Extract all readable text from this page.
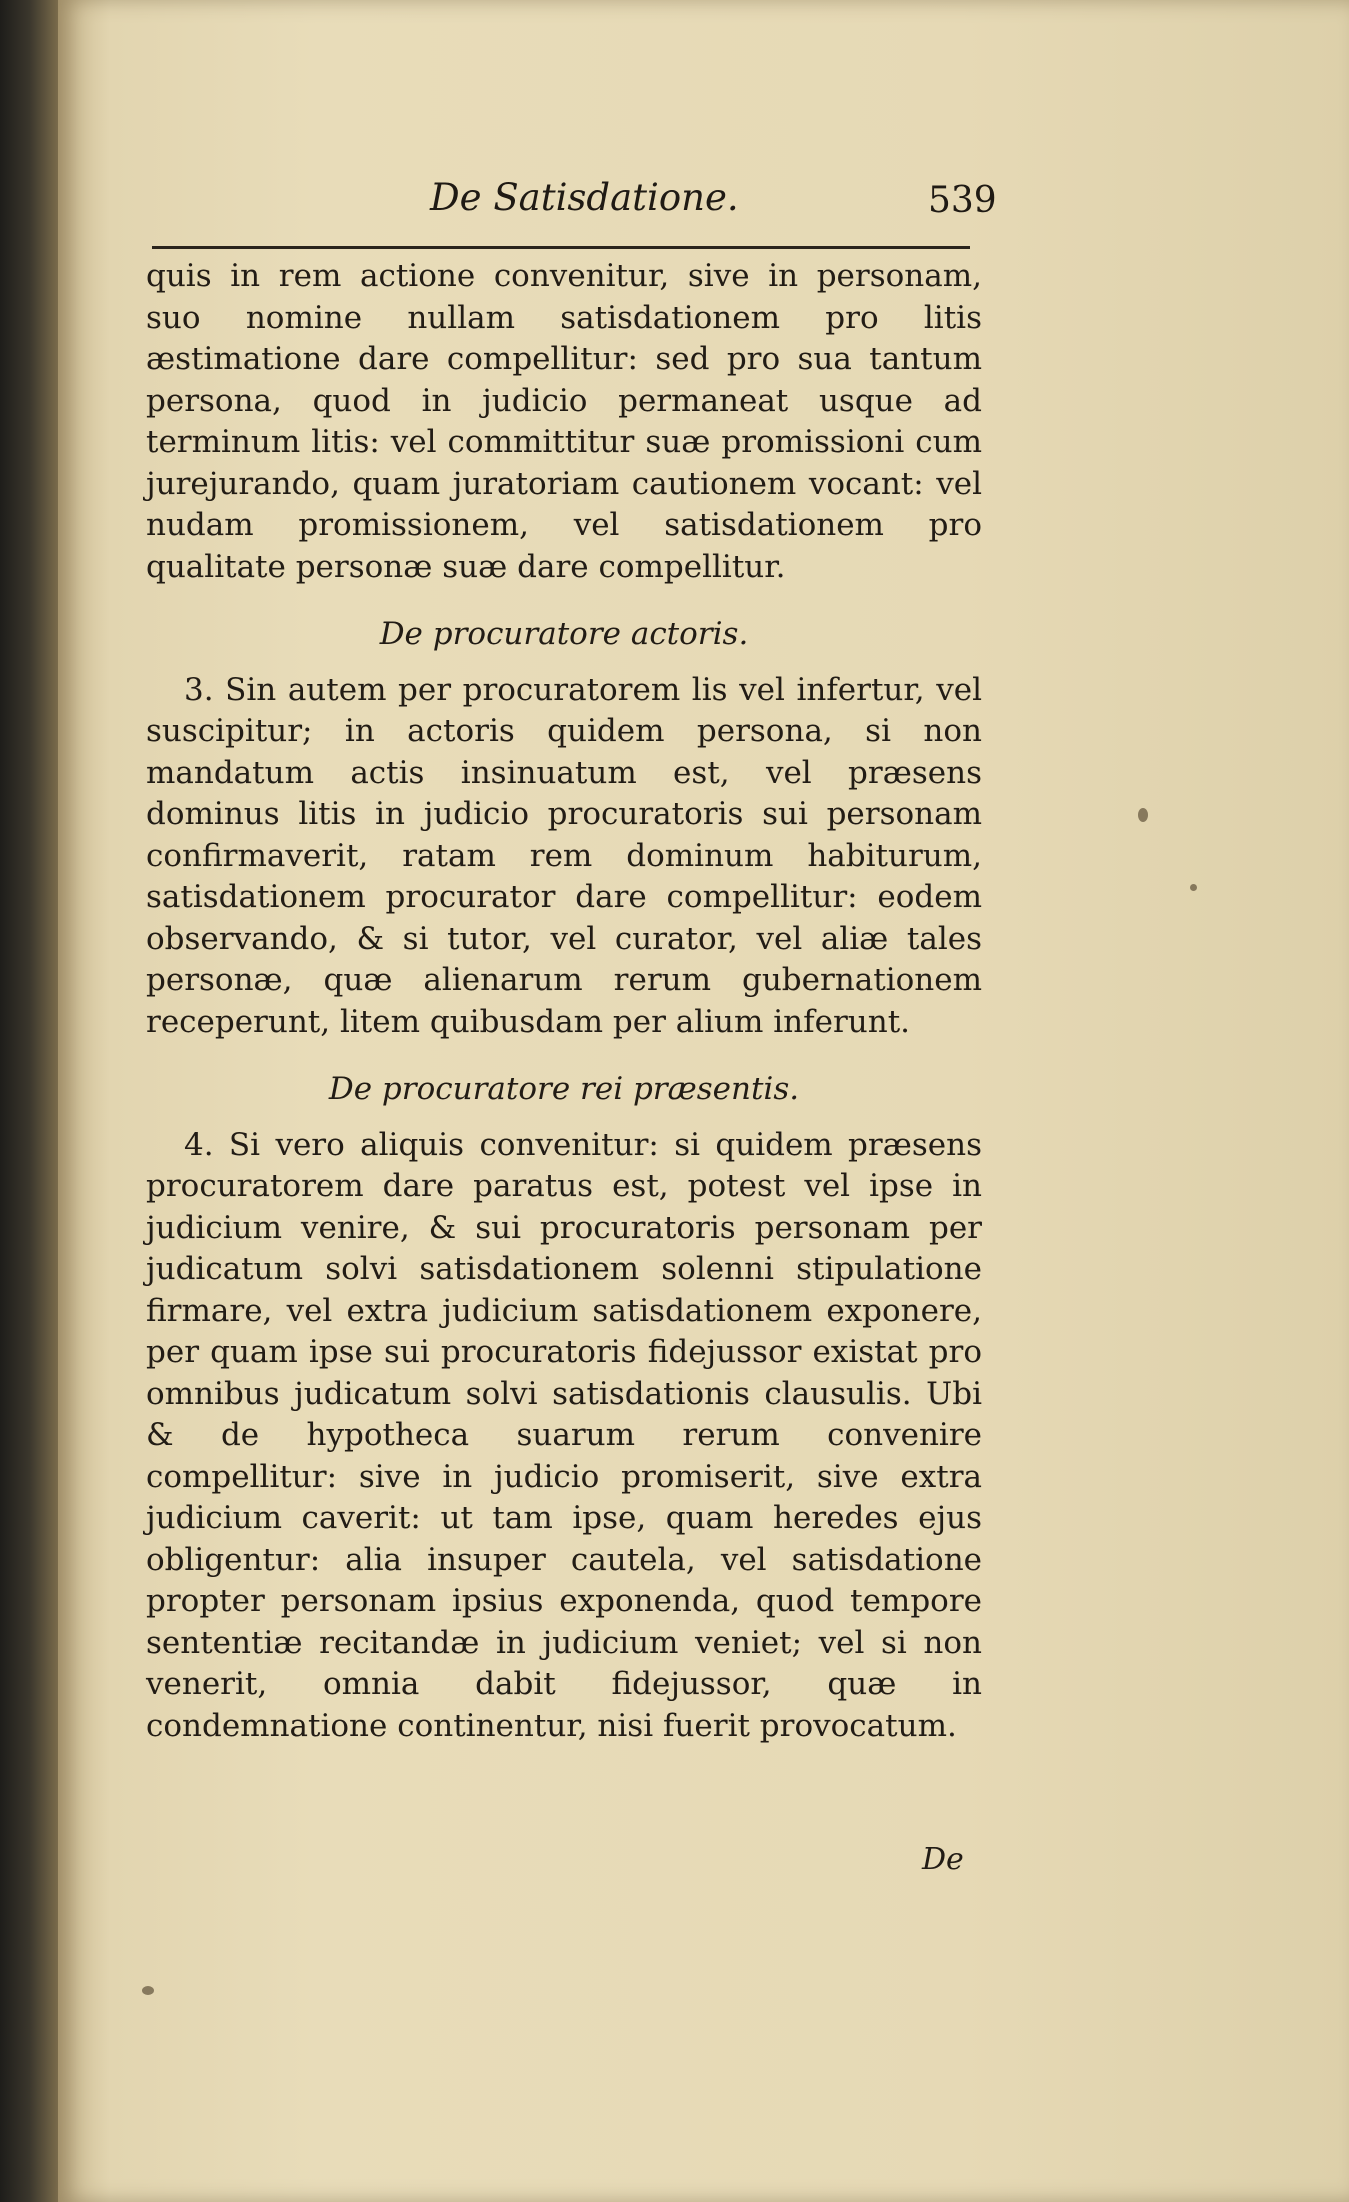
De Satisdatione.	539

quis in rem actione convenitur, sive in personam, suo nomine nullam satisdationem pro litis æstimatione dare compellitur: sed pro sua tantum persona, quod in judicio permaneat usque ad terminum litis: vel committitur suæ promissioni cum jurejurando, quam juratoriam cautionem vocant: vel nudam promissionem, vel satisdationem pro qualitate personæ suæ dare compellitur.

De procuratore actoris.

3. Sin autem per procuratorem lis vel infertur, vel suscipitur; in actoris quidem persona, si non mandatum actis insinuatum est, vel præsens dominus litis in judicio procuratoris sui personam confirmaverit, ratam rem dominum habiturum, satisdationem procurator dare compellitur: eodem observando, & si tutor, vel curator, vel aliæ tales personæ, quæ alienarum rerum gubernationem receperunt, litem quibusdam per alium inferunt.

De procuratore rei præsentis.

4. Si vero aliquis convenitur: si quidem præsens procuratorem dare paratus est, potest vel ipse in judicium venire, & sui procuratoris personam per judicatum solvi satisdationem solenni stipulatione firmare, vel extra judicium satisdationem exponere, per quam ipse sui procuratoris fidejussor existat pro omnibus judicatum solvi satisdationis clausulis. Ubi & de hypotheca suarum rerum convenire compellitur: sive in judicio promiserit, sive extra judicium caverit: ut tam ipse, quam heredes ejus obligentur: alia insuper cautela, vel satisdatione propter personam ipsius exponenda, quod tempore sententiæ recitandæ in judicium veniet; vel si non venerit, omnia dabit fidejussor, quæ in condemnatione continentur, nisi fuerit provocatum.

De
